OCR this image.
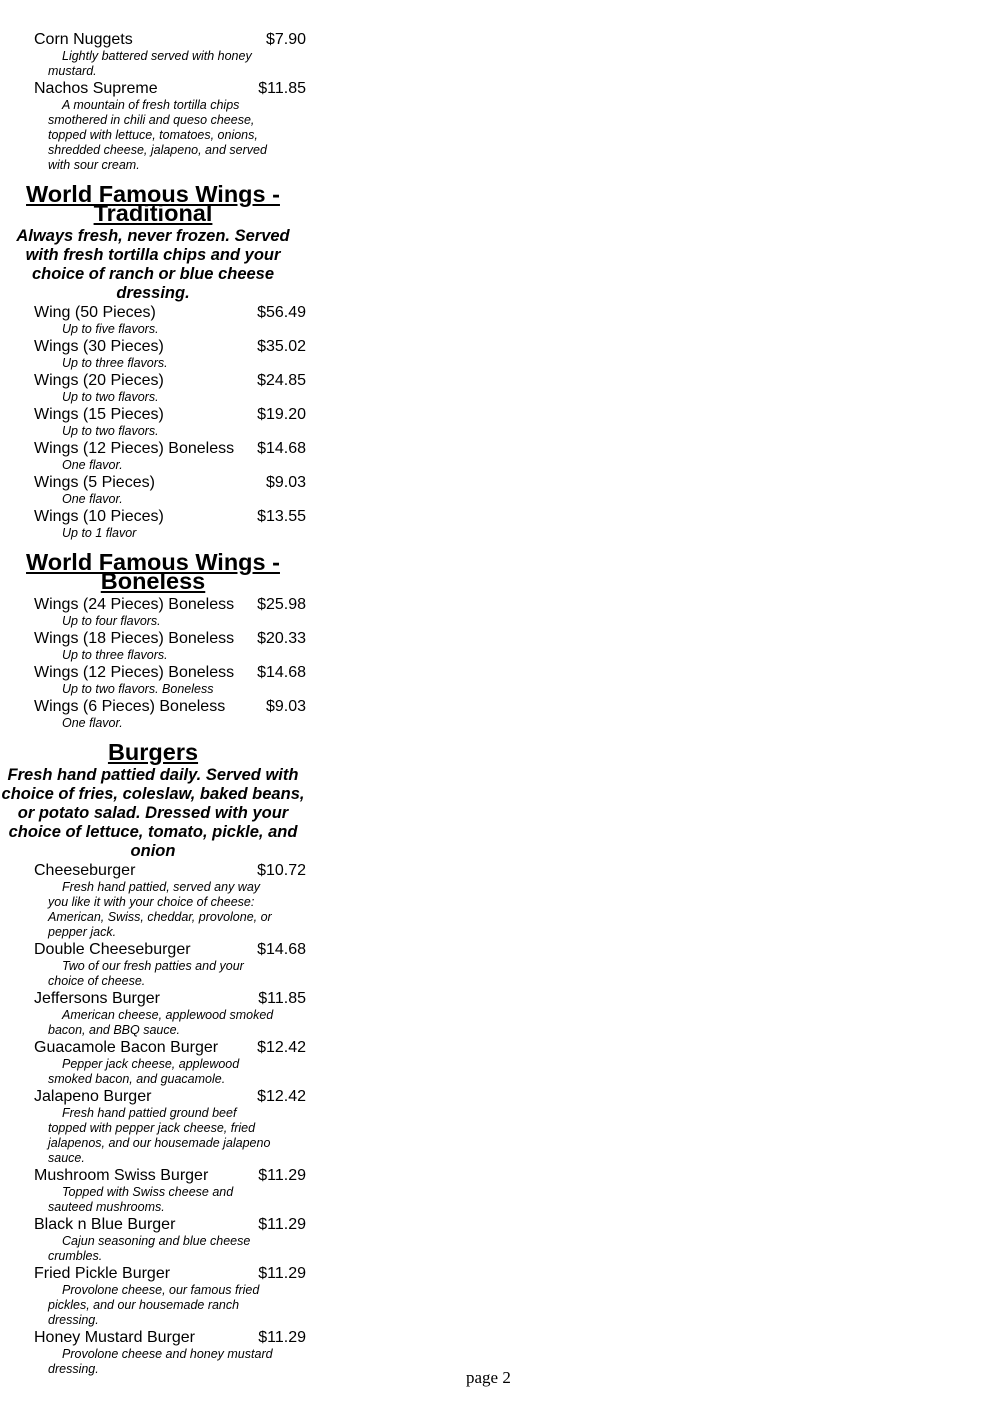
Corn Nuggets	$7.90
Lightly battered served with honey mustard.
Nachos Supreme	$11.85
A mountain of fresh tortilla chips smothered in chili and queso cheese, topped with lettuce, tomatoes, onions, shredded cheese, jalapeno, and served with sour cream.
World Famous Wings -
Traditional
Always fresh, never frozen. Served with fresh tortilla chips and your choice of ranch or blue cheese dressing.
Wing (50 Pieces)	$56.49
Up to five flavors.
Wings (30 Pieces)	$35.02
Up to three flavors.
Wings (20 Pieces)	$24.85
Up to two flavors.
Wings (15 Pieces)	$19.20
Up to two flavors.
Wings (12 Pieces) Boneless $14.68
One flavor.
Wings (5 Pieces)	$9.03
One flavor.
Wings (10 Pieces)	$13.55
Up to 1 flavor
World Famous Wings -
Boneless
Wings (24 Pieces) Boneless $25.98
Up to four flavors.
Wings (18 Pieces) Boneless $20.33
Up to three flavors.
Wings (12 Pieces) Boneless $14.68
Up to two flavors. Boneless
Wings (6 Pieces) Boneless	$9.03
One flavor.
Burgers
Fresh hand pattied daily. Served with choice of fries, coleslaw, baked beans, or potato salad. Dressed with your choice of lettuce, tomato, pickle, and onion
Cheeseburger	$10.72
Fresh hand pattied, served any way you like it with your choice of cheese: American, Swiss, cheddar, provolone, or pepper jack.
Double Cheeseburger	$14.68
Two of our fresh patties and your choice of cheese.
Jeffersons Burger	$11.85
American cheese, applewood smoked bacon, and BBQ sauce.
Guacamole Bacon Burger $12.42
Pepper jack cheese, applewood smoked bacon, and guacamole.
Jalapeno Burger	$12.42
Fresh hand pattied ground beef topped with pepper jack cheese, fried jalapenos, and our housemade jalapeno sauce.
Mushroom Swiss Burger	$11.29
Topped with Swiss cheese and sauteed mushrooms.
Black n Blue Burger	$11.29
Cajun seasoning and blue cheese crumbles.
Fried Pickle Burger	$11.29
Provolone cheese, our famous fried pickles, and our housemade ranch dressing.
Honey Mustard Burger	$11.29
Provolone cheese and honey mustard dressing.	page 2
